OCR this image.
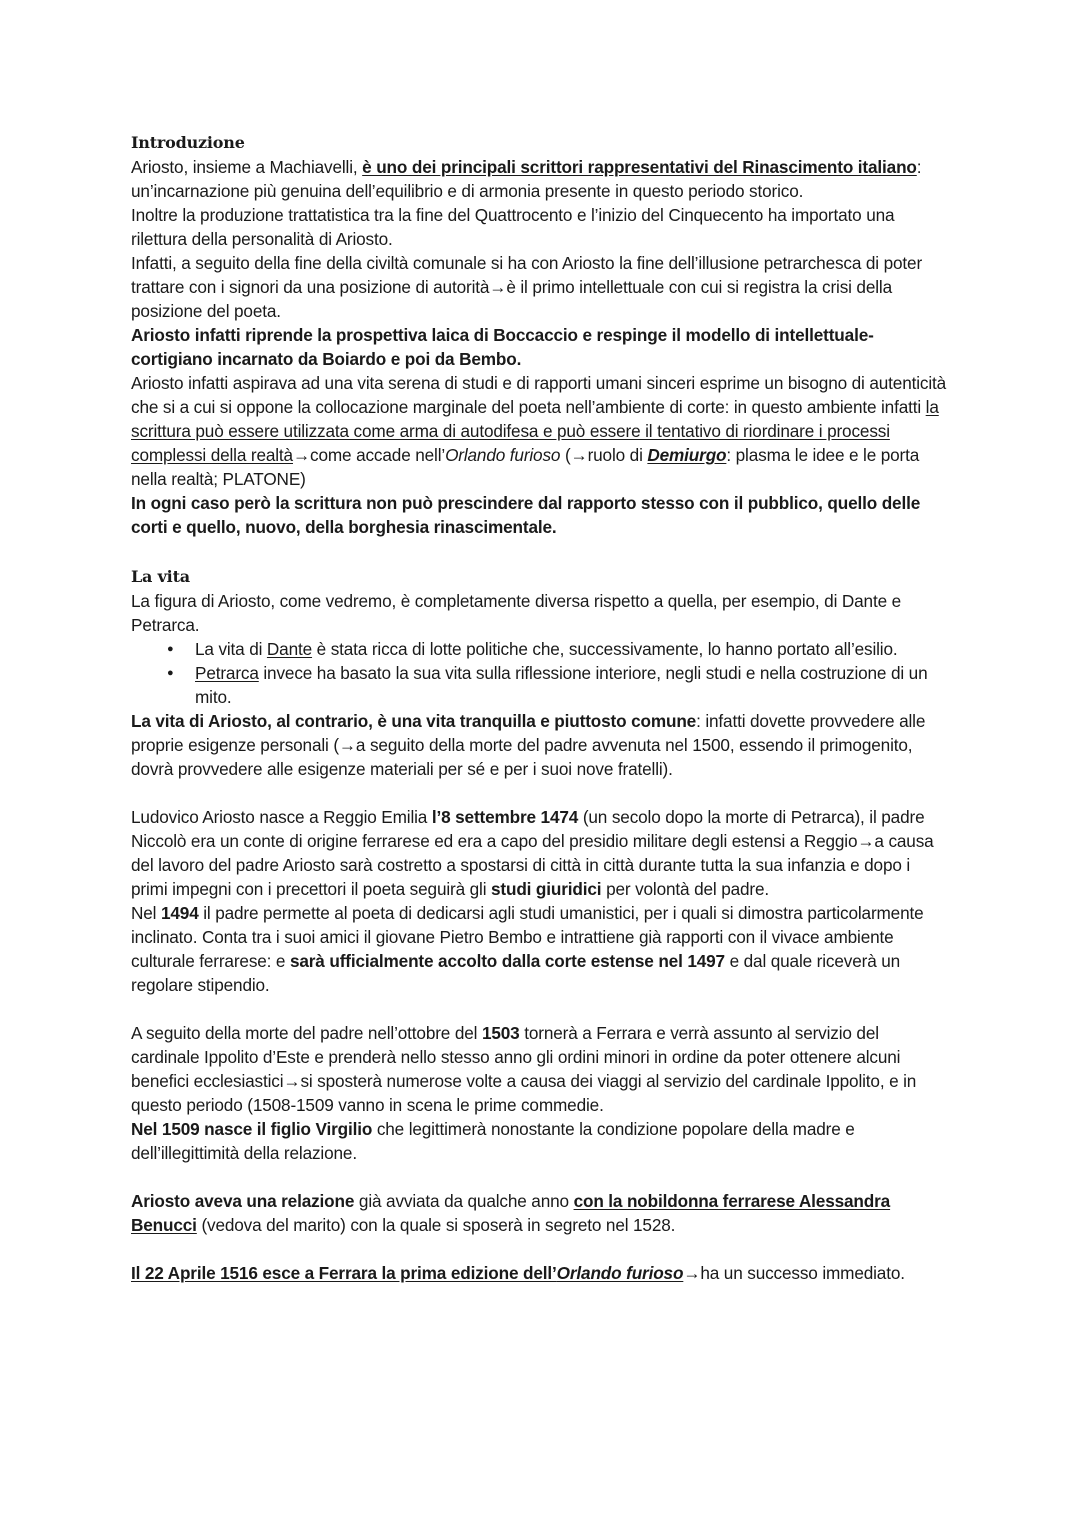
Introduzione

Ariosto, insieme a Machiavelli, è uno dei principali scrittori rappresentativi del Rinascimento italiano: un’incarnazione più genuina dell’equilibrio e di armonia presente in questo periodo storico.

Inoltre la produzione trattatistica tra la fine del Quattrocento e l’inizio del Cinquecento ha importato una rilettura della personalità di Ariosto.

Infatti, a seguito della fine della civiltà comunale si ha con Ariosto la fine dell’illusione petrarchesca di poter trattare con i signori da una posizione di autorità→è il primo intellettuale con cui si registra la crisi della posizione del poeta.

Ariosto infatti riprende la prospettiva laica di Boccaccio e respinge il modello di intellettuale-cortigiano incarnato da Boiardo e poi da Bembo.

Ariosto infatti aspirava ad una vita serena di studi e di rapporti umani sinceri esprime un bisogno di autenticità che si a cui si oppone la collocazione marginale del poeta nell’ambiente di corte: in questo ambiente infatti la scrittura può essere utilizzata come arma di autodifesa e può essere il tentativo di riordinare i processi complessi della realtà→come accade nell’Orlando furioso (→ruolo di Demiurgo: plasma le idee e le porta nella realtà; PLATONE)

In ogni caso però la scrittura non può prescindere dal rapporto stesso con il pubblico, quello delle corti e quello, nuovo, della borghesia rinascimentale.

La vita

La figura di Ariosto, come vedremo, è completamente diversa rispetto a quella, per esempio, di Dante e Petrarca.

● La vita di Dante è stata ricca di lotte politiche che, successivamente, lo hanno portato all’esilio.
● Petrarca invece ha basato la sua vita sulla riflessione interiore, negli studi e nella costruzione di un mito.

La vita di Ariosto, al contrario, è una vita tranquilla e piuttosto comune: infatti dovette provvedere alle proprie esigenze personali (→a seguito della morte del padre avvenuta nel 1500, essendo il primogenito, dovrà provvedere alle esigenze materiali per sé e per i suoi nove fratelli).

Ludovico Ariosto nasce a Reggio Emilia l’8 settembre 1474 (un secolo dopo la morte di Petrarca), il padre Niccolò era un conte di origine ferrarese ed era a capo del presidio militare degli estensi a Reggio→a causa del lavoro del padre Ariosto sarà costretto a spostarsi di città in città durante tutta la sua infanzia e dopo i primi impegni con i precettori il poeta seguirà gli studi giuridici per volontà del padre.

Nel 1494 il padre permette al poeta di dedicarsi agli studi umanistici, per i quali si dimostra particolarmente inclinato. Conta tra i suoi amici il giovane Pietro Bembo e intrattiene già rapporti con il vivace ambiente culturale ferrarese: e sarà ufficialmente accolto dalla corte estense nel 1497 e dal quale riceverà un regolare stipendio.

A seguito della morte del padre nell’ottobre del 1503 tornerà a Ferrara e verrà assunto al servizio del cardinale Ippolito d’Este e prenderà nello stesso anno gli ordini minori in ordine da poter ottenere alcuni benefici ecclesiastici→si sposterà numerose volte a causa dei viaggi al servizio del cardinale Ippolito, e in questo periodo (1508-1509 vanno in scena le prime commedie.

Nel 1509 nasce il figlio Virgilio che legittimerà nonostante la condizione popolare della madre e dell’illegittimità della relazione.

Ariosto aveva una relazione già avviata da qualche anno con la nobildonna ferrarese Alessandra Benucci (vedova del marito) con la quale si sposerà in segreto nel 1528.

Il 22 Aprile 1516 esce a Ferrara la prima edizione dell’Orlando furioso→ha un successo immediato.
